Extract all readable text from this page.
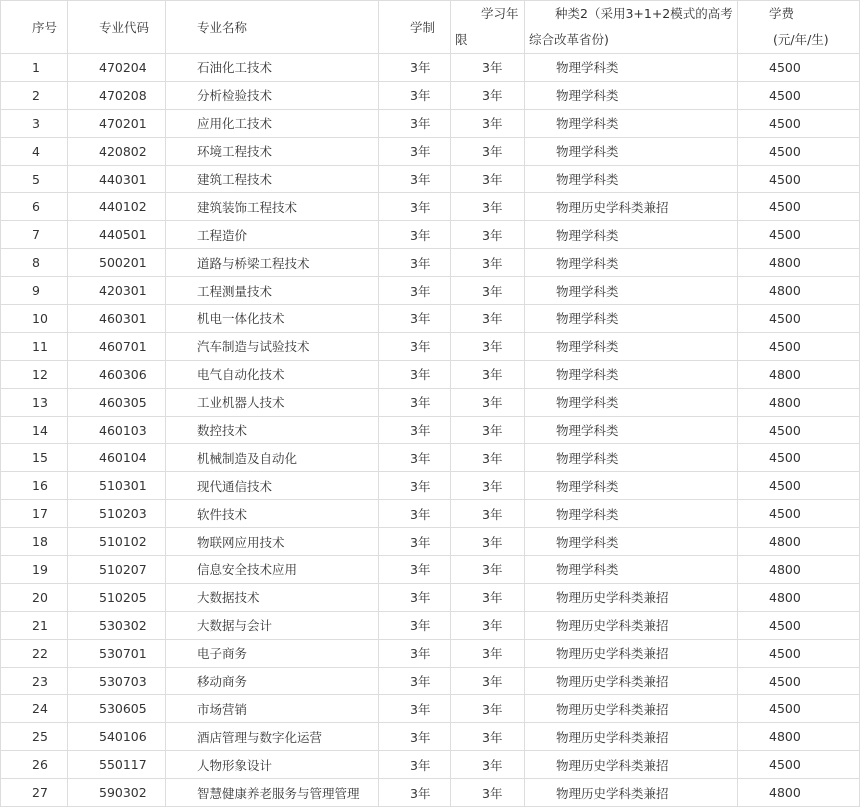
序号	专业代码	专业名称	学制	学习年
限	种类2（采用3+1+2模式的高考
综合改革省份)	学费
(元/年/生)

1	470204	石油化工技术	3年	3年	物理学科类	4500
2	470208	分析检验技术	3年	3年	物理学科类	4500
3	470201	应用化工技术	3年	3年	物理学科类	4500
4	420802	环境工程技术	3年	3年	物理学科类	4500
5	440301	建筑工程技术	3年	3年	物理学科类	4500
6	440102	建筑装饰工程技术	3年	3年	物理历史学科类兼招	4500
7	440501	工程造价	3年	3年	物理学科类	4500
8	500201	道路与桥梁工程技术	3年	3年	物理学科类	4800
9	420301	工程测量技术	3年	3年	物理学科类	4800
10	460301	机电一体化技术	3年	3年	物理学科类	4500
11	460701	汽车制造与试验技术	3年	3年	物理学科类	4500
12	460306	电气自动化技术	3年	3年	物理学科类	4800
13	460305	工业机器人技术	3年	3年	物理学科类	4800
14	460103	数控技术	3年	3年	物理学科类	4500
15	460104	机械制造及自动化	3年	3年	物理学科类	4500
16	510301	现代通信技术	3年	3年	物理学科类	4500
17	510203	软件技术	3年	3年	物理学科类	4500
18	510102	物联网应用技术	3年	3年	物理学科类	4800
19	510207	信息安全技术应用	3年	3年	物理学科类	4800
20	510205	大数据技术	3年	3年	物理历史学科类兼招	4800
21	530302	大数据与会计	3年	3年	物理历史学科类兼招	4500
22	530701	电子商务	3年	3年	物理历史学科类兼招	4500
23	530703	移动商务	3年	3年	物理历史学科类兼招	4500
24	530605	市场营销	3年	3年	物理历史学科类兼招	4500
25	540106	酒店管理与数字化运营	3年	3年	物理历史学科类兼招	4800
26	550117	人物形象设计	3年	3年	物理历史学科类兼招	4500
27	590302	智慧健康养老服务与管理管理	3年	3年	物理历史学科类兼招	4800
